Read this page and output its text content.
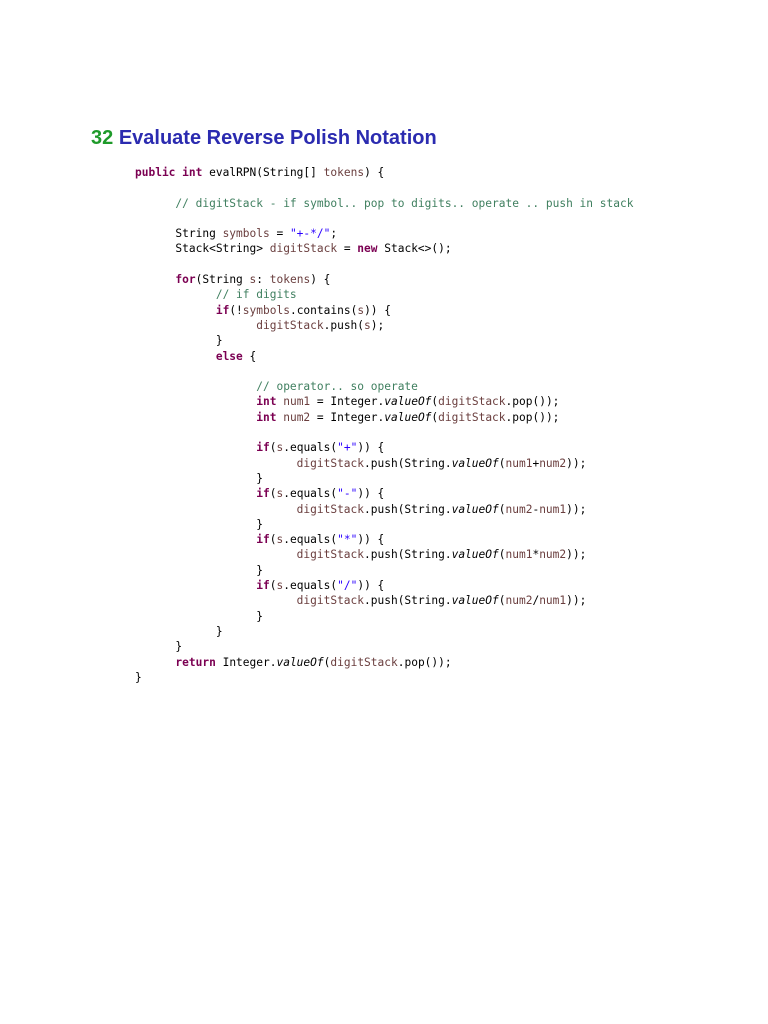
32 Evaluate Reverse Polish Notation
public int evalRPN(String[] tokens) {

// digitStack - if symbol.. pop to digits.. operate .. push in stack

String symbols = "+-*/";
Stack<String> digitStack = new Stack<>();

for(String s: tokens) {
// if digits
if(!symbols.contains(s)) {
digitStack.push(s);
}
else {

// operator.. so operate
int num1 = Integer.valueOf(digitStack.pop());
int num2 = Integer.valueOf(digitStack.pop());

if(s.equals("+")) {
digitStack.push(String.valueOf(num1+num2));
}
if(s.equals("-")) {
digitStack.push(String.valueOf(num2-num1));
}
if(s.equals("*")) {
digitStack.push(String.valueOf(num1*num2));
}
if(s.equals("/")) {
digitStack.push(String.valueOf(num2/num1));
}
}
}
return Integer.valueOf(digitStack.pop());
}
